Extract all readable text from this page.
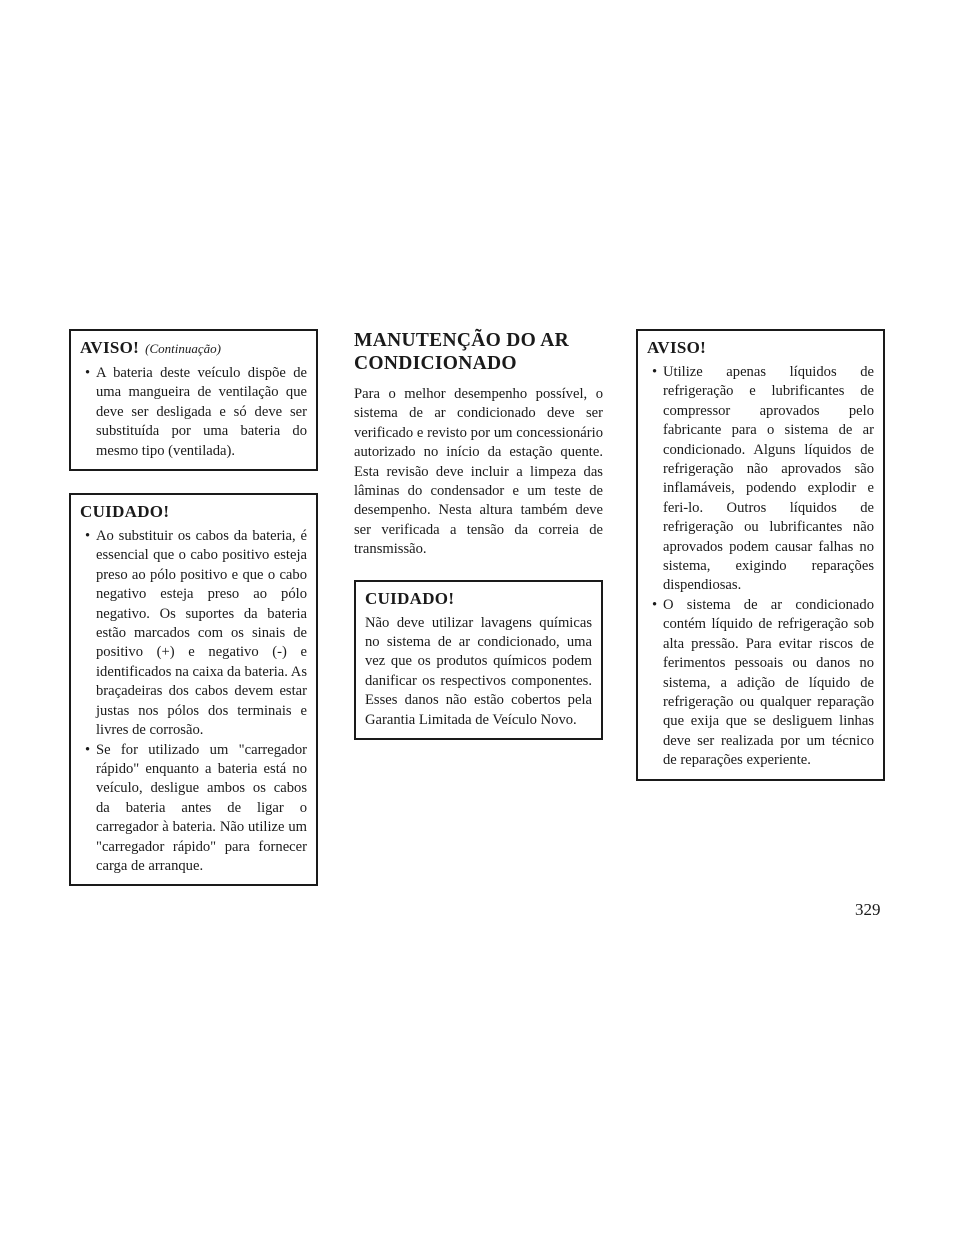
AVISO! (Continuação)
• A bateria deste veículo dispõe de uma mangueira de ventilação que deve ser desligada e só deve ser substituída por uma bateria do mesmo tipo (ventilada).
CUIDADO!
• Ao substituir os cabos da bateria, é essencial que o cabo positivo esteja preso ao pólo positivo e que o cabo negativo esteja preso ao pólo negativo. Os suportes da bateria estão marcados com os sinais de positivo (+) e negativo (-) e identificados na caixa da bateria. As braçadeiras dos cabos devem estar justas nos pólos dos terminais e livres de corrosão.
• Se for utilizado um "carregador rápido" enquanto a bateria está no veículo, desligue ambos os cabos da bateria antes de ligar o carregador à bateria. Não utilize um "carregador rápido" para fornecer carga de arranque.
MANUTENÇÃO DO AR CONDICIONADO

Para o melhor desempenho possível, o sistema de ar condicionado deve ser verificado e revisto por um concessionário autorizado no início da estação quente. Esta revisão deve incluir a limpeza das lâminas do condensador e um teste de desempenho. Nesta altura também deve ser verificada a tensão da correia de transmissão.

CUIDADO!

Não deve utilizar lavagens químicas no sistema de ar condicionado, uma vez que os produtos químicos podem danificar os respectivos componentes. Esses danos não estão cobertos pela Garantia Limitada de Veículo Novo.

AVISO!
• Utilize apenas líquidos de refrigeração e lubrificantes de compressor aprovados pelo fabricante para o sistema de ar condicionado. Alguns líquidos de refrigeração não aprovados são inflamáveis, podendo explodir e feri-lo. Outros líquidos de refrigeração ou lubrificantes não aprovados podem causar falhas no sistema, exigindo reparações dispendiosas.
• O sistema de ar condicionado contém líquido de refrigeração sob alta pressão. Para evitar riscos de ferimentos pessoais ou danos no sistema, a adição de líquido de refrigeração ou qualquer reparação que exija que se desliguem linhas deve ser realizada por um técnico de reparações experiente.
329
